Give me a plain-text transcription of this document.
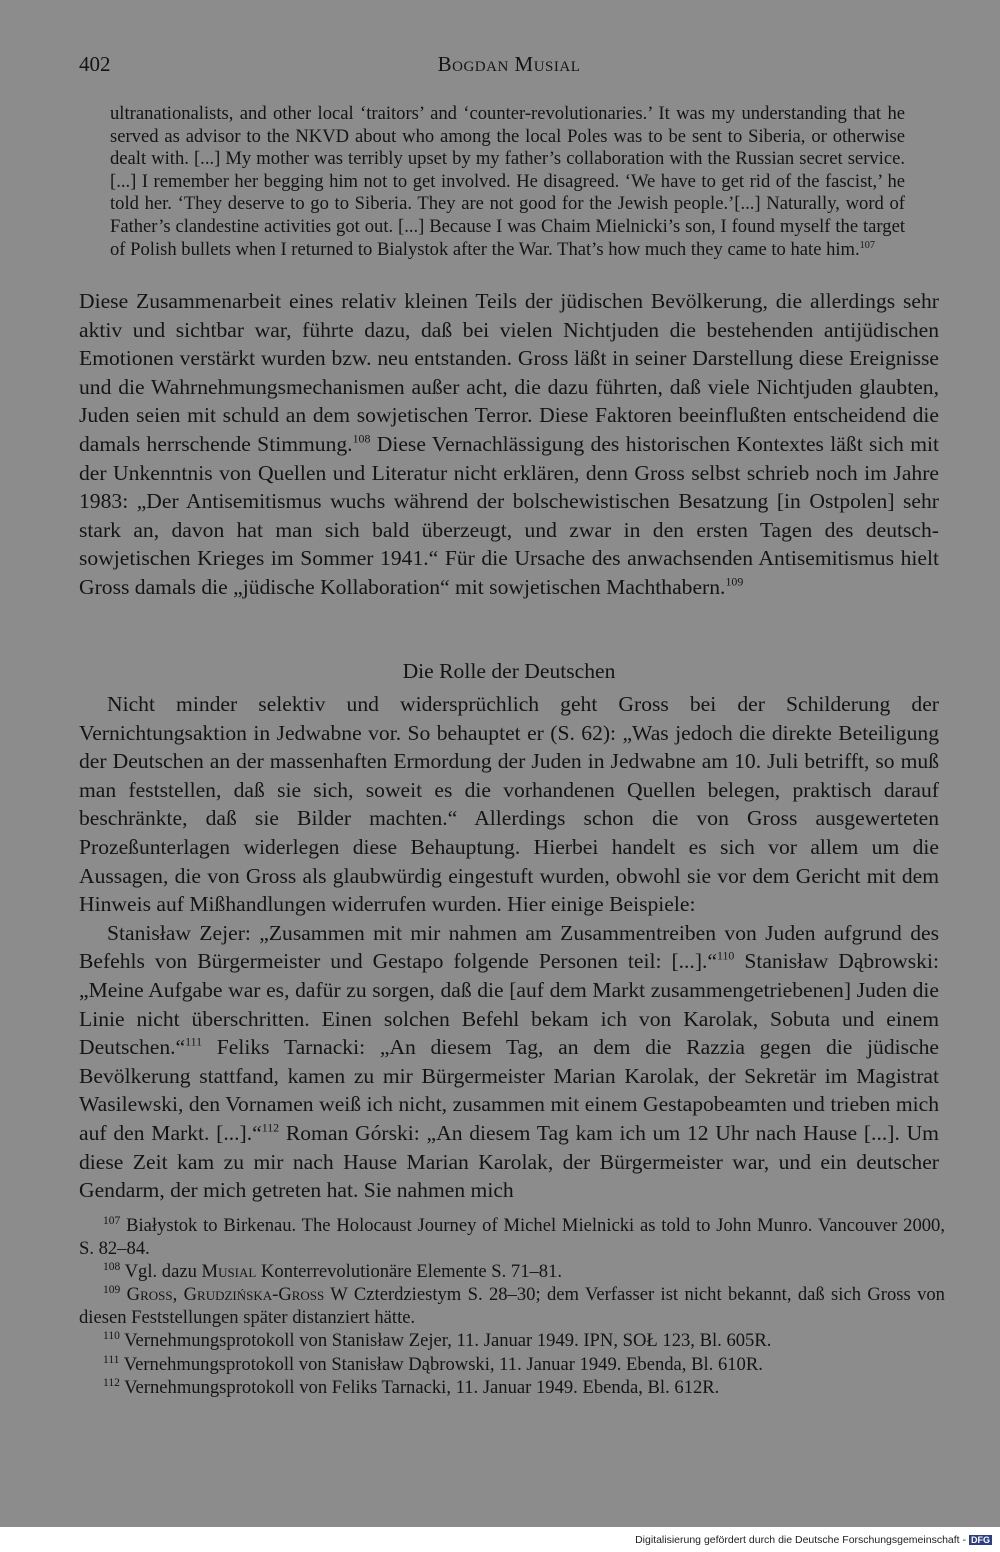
402	Bogdan Musial
ultranationalists, and other local ‘traitors’ and ‘counter-revolutionaries.’ It was my understanding that he served as advisor to the NKVD about who among the local Poles was to be sent to Siberia, or otherwise dealt with. [...] My mother was terribly upset by my father’s collaboration with the Russian secret service. [...] I remember her begging him not to get involved. He disagreed. ‘We have to get rid of the fascist,’ he told her. ‘They deserve to go to Siberia. They are not good for the Jewish people.’[...] Naturally, word of Father’s clandestine activities got out. [...] Because I was Chaim Mielnicki’s son, I found myself the target of Polish bullets when I returned to Bialystok after the War. That’s how much they came to hate him.$^{107}$

Diese Zusammenarbeit eines relativ kleinen Teils der jüdischen Bevölkerung, die allerdings sehr aktiv und sichtbar war, führte dazu, daß bei vielen Nichtjuden die bestehenden antijüdischen Emotionen verstärkt wurden bzw. neu entstanden. Gross läßt in seiner Darstellung diese Ereignisse und die Wahrnehmungsmechanismen außer acht, die dazu führten, daß viele Nichtjuden glaubten, Juden seien mit schuld an dem sowjetischen Terror. Diese Faktoren beeinflußten entscheidend die damals herrschende Stimmung.$^{108}$ Diese Vernachlässigung des historischen Kontextes läßt sich mit der Unkenntnis von Quellen und Literatur nicht erklären, denn Gross selbst schrieb noch im Jahre 1983: „Der Antisemitismus wuchs während der bolschewistischen Besatzung [in Ostpolen] sehr stark an, davon hat man sich bald überzeugt, und zwar in den ersten Tagen des deutsch-sowjetischen Krieges im Sommer 1941.“ Für die Ursache des anwachsenden Antisemitismus hielt Gross damals die „jüdische Kollaboration“ mit sowjetischen Machthabern.$^{109}$

Die Rolle der Deutschen

Nicht minder selektiv und widersprüchlich geht Gross bei der Schilderung der Vernichtungsaktion in Jedwabne vor. So behauptet er (S. 62): „Was jedoch die direkte Beteiligung der Deutschen an der massenhaften Ermordung der Juden in Jedwabne am 10. Juli betrifft, so muß man feststellen, daß sie sich, soweit es die vorhandenen Quellen belegen, praktisch darauf beschränkte, daß sie Bilder machten.“ Allerdings schon die von Gross ausgewerteten Prozeßunterlagen widerlegen diese Behauptung. Hierbei handelt es sich vor allem um die Aussagen, die von Gross als glaubwürdig eingestuft wurden, obwohl sie vor dem Gericht mit dem Hinweis auf Mißhandlungen widerrufen wurden. Hier einige Beispiele:

Stanisław Zejer: „Zusammen mit mir nahmen am Zusammentreiben von Juden aufgrund des Befehls von Bürgermeister und Gestapo folgende Personen teil: [...].“$^{110}$ Stanisław Dąbrowski: „Meine Aufgabe war es, dafür zu sorgen, daß die [auf dem Markt zusammengetriebenen] Juden die Linie nicht überschritten. Einen solchen Befehl bekam ich von Karolak, Sobuta und einem Deutschen.“$^{111}$ Feliks Tarnacki: „An diesem Tag, an dem die Razzia gegen die jüdische Bevölkerung stattfand, kamen zu mir Bürgermeister Marian Karolak, der Sekretär im Magistrat Wasilewski, den Vornamen weiß ich nicht, zusammen mit einem Gestapobeamten und trieben mich auf den Markt. [...].“$^{112}$ Roman Górski: „An diesem Tag kam ich um 12 Uhr nach Hause [...]. Um diese Zeit kam zu mir nach Hause Marian Karolak, der Bürgermeister war, und ein deutscher Gendarm, der mich getreten hat. Sie nahmen mich

$^{107}$ Białystok to Birkenau. The Holocaust Journey of Michel Mielnicki as told to John Munro. Vancouver 2000, S. 82–84.

$^{108}$ Vgl. dazu Musial Konterrevolutionäre Elemente S. 71–81.

$^{109}$ Gross, Grudzińska-Gross W Czterdziestym S. 28–30; dem Verfasser ist nicht bekannt, daß sich Gross von diesen Feststellungen später distanziert hätte.

$^{110}$ Vernehmungsprotokoll von Stanisław Zejer, 11. Januar 1949. IPN, SOŁ 123, Bl. 605R.

$^{111}$ Vernehmungsprotokoll von Stanisław Dąbrowski, 11. Januar 1949. Ebenda, Bl. 610R.

$^{112}$ Vernehmungsprotokoll von Feliks Tarnacki, 11. Januar 1949. Ebenda, Bl. 612R.

Digitalisierung gefördert durch die Deutsche Forschungsgemeinschaft - DFG
